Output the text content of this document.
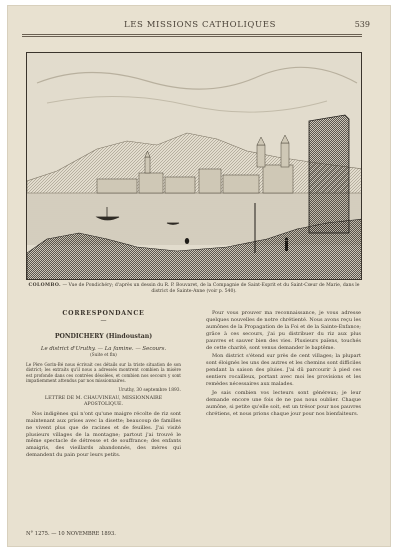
LES MISSIONS CATHOLIQUES	539
COLOMBO. — Vue de Pondichéry; d'après un dessin du R. P. Bouvaret, de la Compagnie de Saint-Esprit et du Saint-Cœur de Marie, dans le district de Sainte-Anne (voir p. 540).
CORRESPONDANCE
—
PONDICHERY (Hindoustan)
Le district d'Uruthy. — La famine. — Secours.
(Suite et fin)
Le Père Gorin-Bé nous écrivait ces détails sur la triste situation de son district; les extraits qu'il nous a adressés montrent combien la misère est profonde dans ces contrées désolées, et combien nos secours y sont impatiemment attendus par nos missionnaires.
Uruthy, 30 septembre 1893.
LETTRE DE M. CHAUVINEAU, MISSIONNAIRE APOSTOLIQUE.
Nos indigènes qui n'ont qu'une maigre récolte de riz sont maintenant aux prises avec la disette; beaucoup de familles ne vivent plus que de racines et de feuilles. J'ai visité plusieurs villages de la montagne; partout j'ai trouvé le même spectacle de détresse et de souffrance; des enfants amaigris, des vieillards abandonnés, des mères qui demandent du pain pour leurs petits.
Pour vous prouver ma reconnaissance, je vous adresse quelques nouvelles de notre chrétienté. Nous avons reçu les aumônes de la Propagation de la Foi et de la Sainte-Enfance; grâce à ces secours, j'ai pu distribuer du riz aux plus pauvres et sauver bien des vies. Plusieurs païens, touchés de cette charité, sont venus demander le baptême.
Mon district s'étend sur près de cent villages; la plupart sont éloignés les uns des autres et les chemins sont difficiles pendant la saison des pluies. J'ai dû parcourir à pied ces sentiers rocailleux, portant avec moi les provisions et les remèdes nécessaires aux malades.
Je sais combien vos lecteurs sont généreux; je leur demande encore une fois de ne pas nous oublier. Chaque aumône, si petite qu'elle soit, est un trésor pour nos pauvres chrétiens, et nous prions chaque jour pour nos bienfaiteurs.
N° 1275. — 10 NOVEMBRE 1893.
